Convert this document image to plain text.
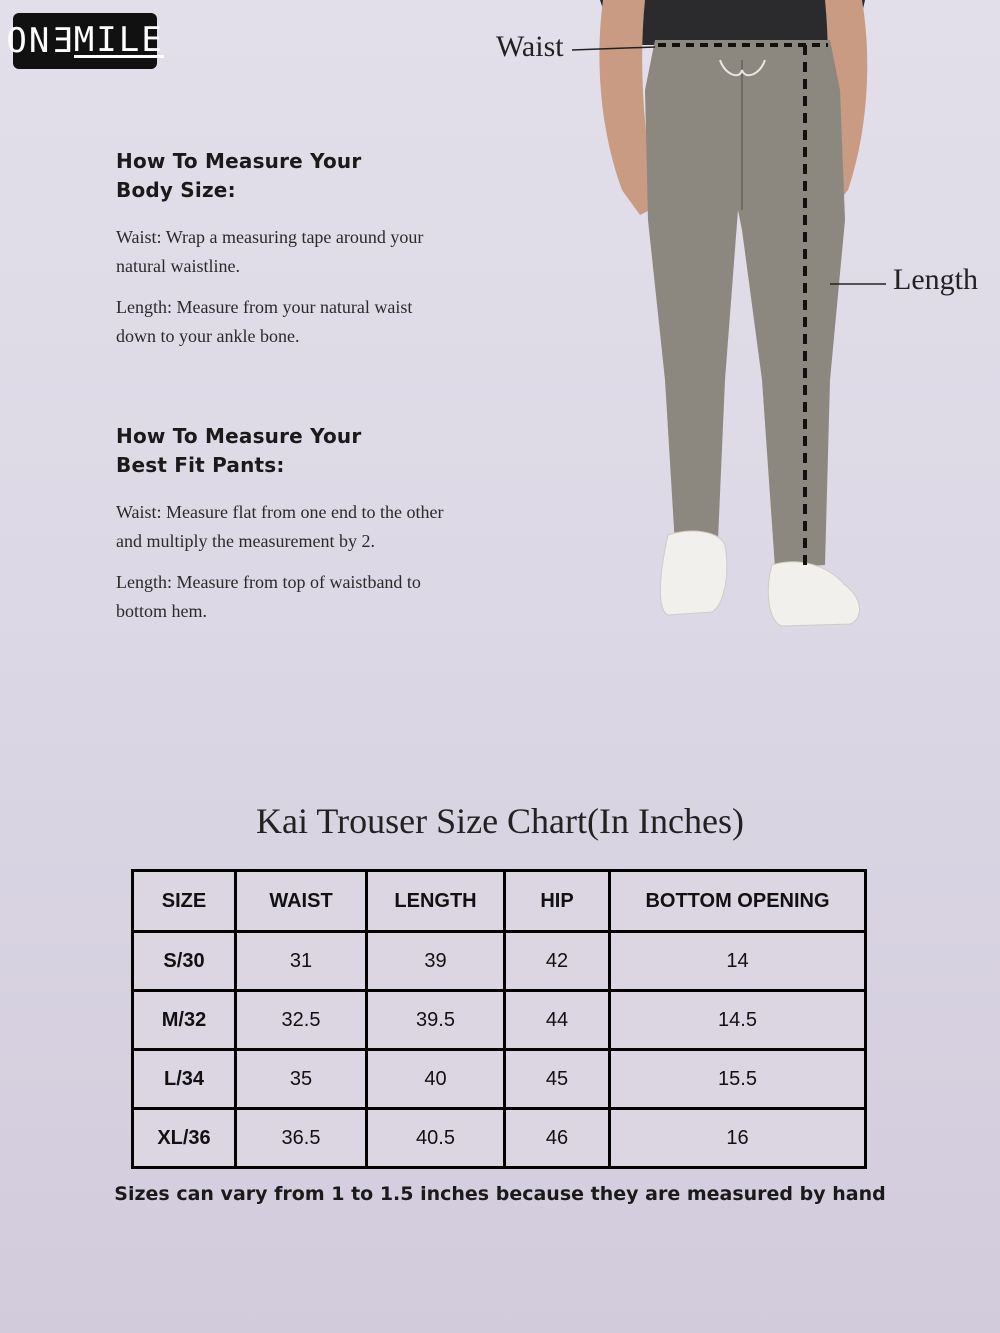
ON E MILE
How To Measure Your Body Size:

Waist: Wrap a measuring tape around your natural waistline.

Length: Measure from your natural waist down to your ankle bone.

How To Measure Your Best Fit Pants:

Waist: Measure flat from one end to the other and multiply the measurement by 2.

Length: Measure from top of waistband to bottom hem.

Waist
Length
Kai Trouser Size Chart(In Inches)
SIZE	WAIST	LENGTH	HIP	BOTTOM OPENING
S/30	31	39	42	14
M/32	32.5	39.5	44	14.5
L/34	35	40	45	15.5
XL/36	36.5	40.5	46	16
Sizes can vary from 1 to 1.5 inches because they are measured by hand
